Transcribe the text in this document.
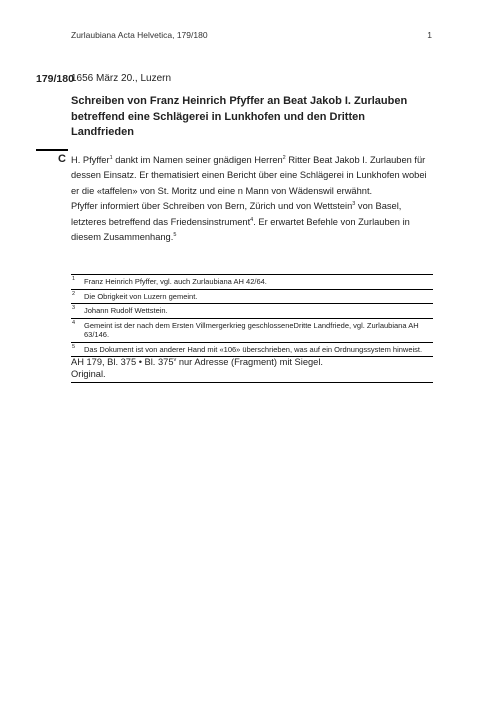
Zurlaubiana Acta Helvetica, 179/180	1
179/180
1656 März 20., Luzern
Schreiben von Franz Heinrich Pfyffer an Beat Jakob I. Zurlauben betreffend eine Schlägerei in Lunkhofen und den Dritten Landfrieden
C H. Pfyffer$^1$ dankt im Namen seiner gnädigen Herren$^2$ Ritter Beat Jakob I. Zurlauben für dessen Einsatz. Er thematisiert einen Bericht über eine Schlägerei in Lunkhofen wobei er die «taffelen» von St. Moritz und eine n Mann von Wädenswil erwähnt.

Pfyffer informiert über Schreiben von Bern, Zürich und von Wettstein$^3$ von Basel, letzteres betreffend das Friedensinstrument$^4$. Er erwartet Befehle von Zurlauben in diesem Zusammenhang.$^5$

1 Franz Heinrich Pfyffer, vgl. auch Zurlaubiana AH 42/64.
2 Die Obrigkeit von Luzern gemeint.
3 Johann Rudolf Wettstein.
4 Gemeint ist der nach dem Ersten Villmergerkrieg geschlosseneDritte Landfriede, vgl. Zurlaubiana AH 63/146.
5 Das Dokument ist von anderer Hand mit «106» überschrieben, was auf ein Ordnungssystem hinweist.

AH 179, Bl. 375 • Bl. 375$^v$ nur Adresse (Fragment) mit Siegel.

Original.
